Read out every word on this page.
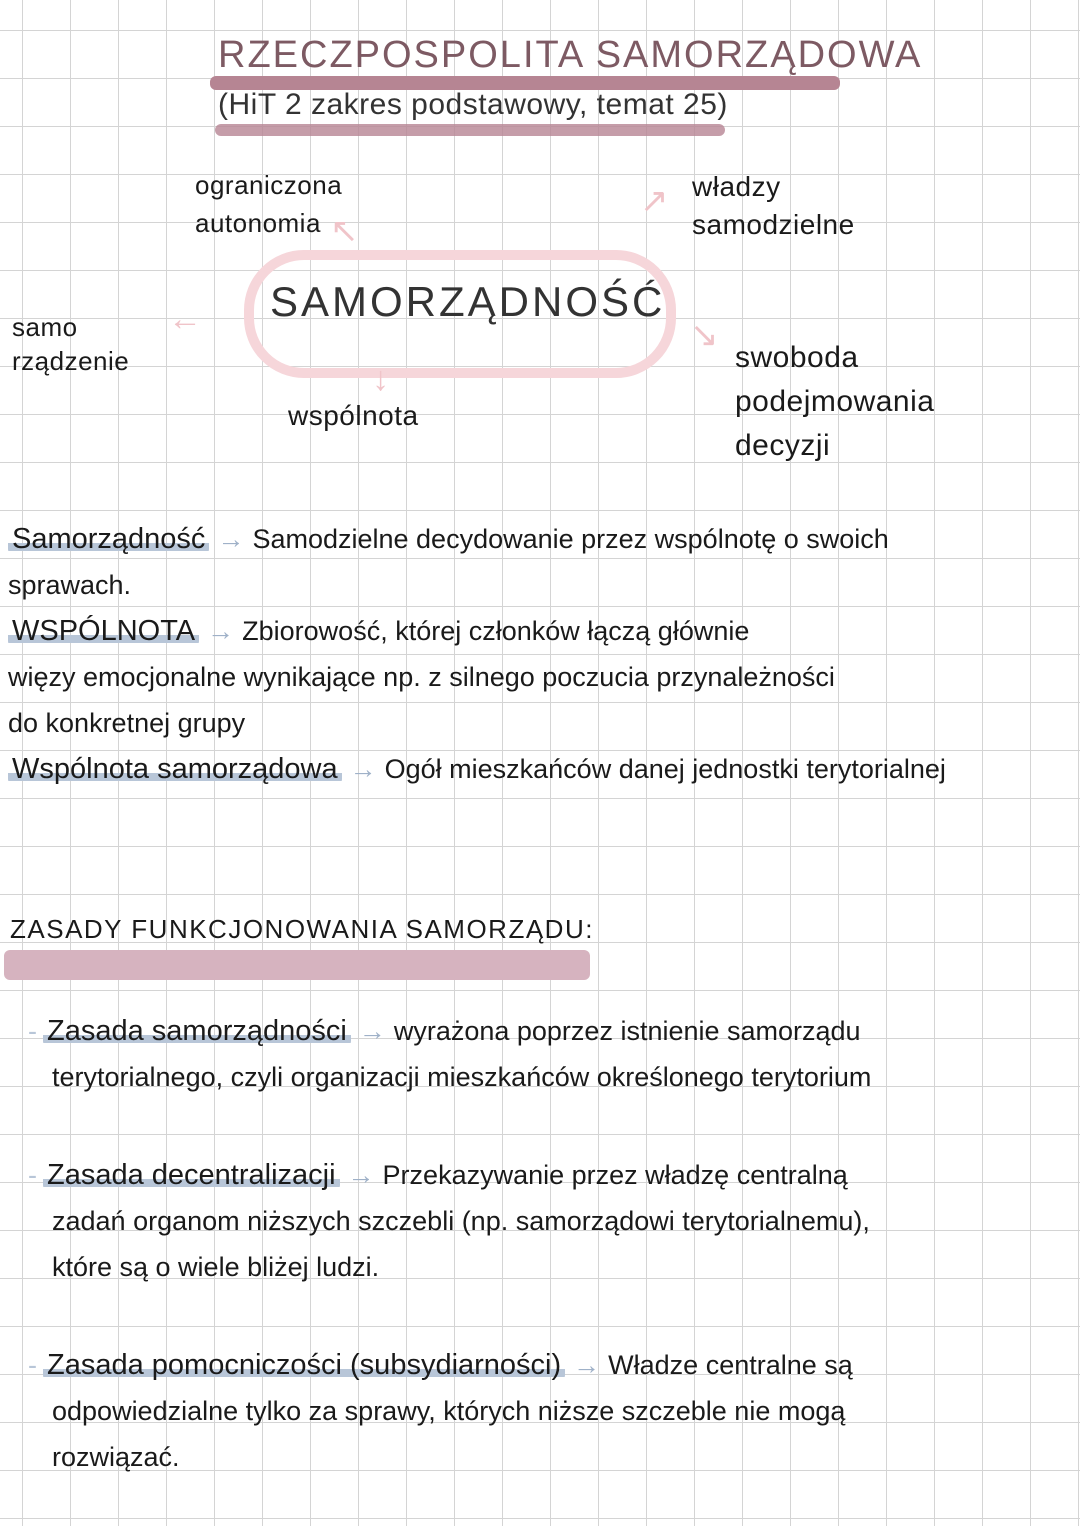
RZECZPOSPOLITA SAMORZĄDOWA
(HiT 2 zakres podstawowy, temat 25)
SAMORZĄDNOŚĆ
ograniczona autonomia
władzy samodzielne
samo rządzenie	swoboda podejmowania decyzji
wspólnota
↖
↗
←	↘
↓
Samorządność → Samodzielne decydowanie przez wspólnotę o swoich
sprawach.
WSPÓLNOTA → Zbiorowość, której członków łączą głównie
więzy emocjonalne wynikające np. z silnego poczucia przynależności
do konkretnej grupy
Wspólnota samorządowa → Ogół mieszkańców danej jednostki terytorialnej
ZASADY FUNKCJONOWANIA SAMORZĄDU:
- Zasada samorządności → wyrażona poprzez istnienie samorządu
terytorialnego, czyli organizacji mieszkańców określonego terytorium
- Zasada decentralizacji → Przekazywanie przez władzę centralną
zadań organom niższych szczebli (np. samorządowi terytorialnemu),
które są o wiele bliżej ludzi.
- Zasada pomocniczości (subsydiarności) → Władze centralne są
odpowiedzialne tylko za sprawy, których niższe szczeble nie mogą
rozwiązać.
